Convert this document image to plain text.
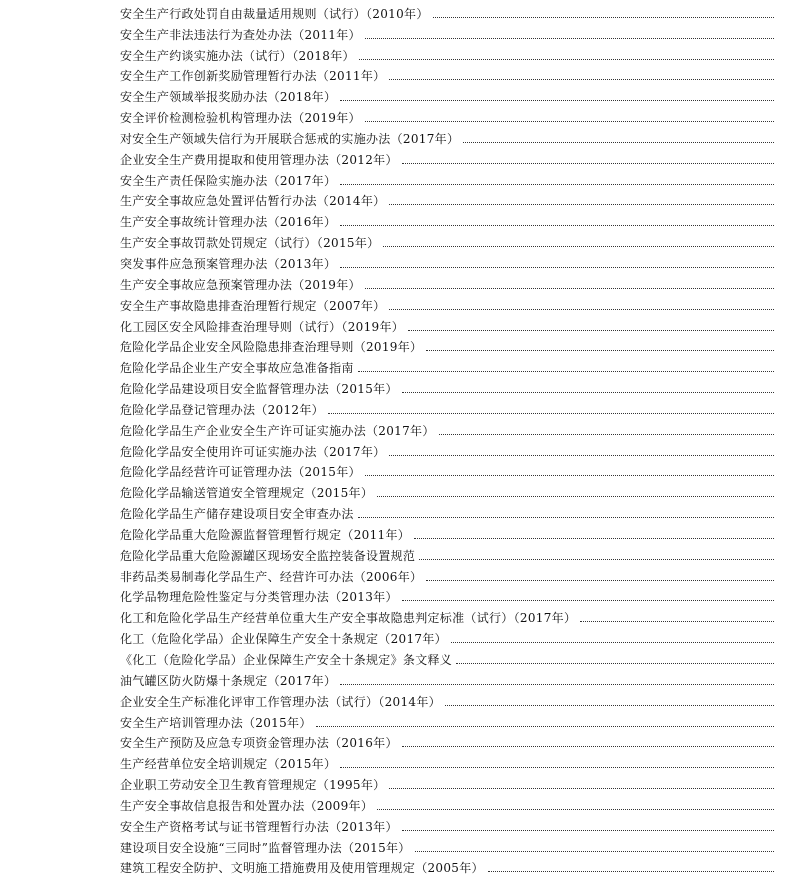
安全生产行政处罚自由裁量适用规则（试行）（2010年）
安全生产非法违法行为查处办法（2011年）
安全生产约谈实施办法（试行）（2018年）
安全生产工作创新奖励管理暂行办法（2011年）
安全生产领域举报奖励办法（2018年）
安全评价检测检验机构管理办法（2019年）
对安全生产领域失信行为开展联合惩戒的实施办法（2017年）
企业安全生产费用提取和使用管理办法（2012年）
安全生产责任保险实施办法（2017年）
生产安全事故应急处置评估暂行办法（2014年）
生产安全事故统计管理办法（2016年）
生产安全事故罚款处罚规定（试行）（2015年）
突发事件应急预案管理办法（2013年）
生产安全事故应急预案管理办法（2019年）
安全生产事故隐患排查治理暂行规定（2007年）
化工园区安全风险排查治理导则（试行）（2019年）
危险化学品企业安全风险隐患排查治理导则（2019年）
危险化学品企业生产安全事故应急准备指南
危险化学品建设项目安全监督管理办法（2015年）
危险化学品登记管理办法（2012年）
危险化学品生产企业安全生产许可证实施办法（2017年）
危险化学品安全使用许可证实施办法（2017年）
危险化学品经营许可证管理办法（2015年）
危险化学品输送管道安全管理规定（2015年）
危险化学品生产储存建设项目安全审查办法
危险化学品重大危险源监督管理暂行规定（2011年）
危险化学品重大危险源罐区现场安全监控装备设置规范
非药品类易制毒化学品生产、经营许可办法（2006年）
化学品物理危险性鉴定与分类管理办法（2013年）
化工和危险化学品生产经营单位重大生产安全事故隐患判定标准（试行）（2017年）
化工（危险化学品）企业保障生产安全十条规定（2017年）
《化工（危险化学品）企业保障生产安全十条规定》条文释义
油气罐区防火防爆十条规定（2017年）
企业安全生产标准化评审工作管理办法（试行）（2014年）
安全生产培训管理办法（2015年）
安全生产预防及应急专项资金管理办法（2016年）
生产经营单位安全培训规定（2015年）
企业职工劳动安全卫生教育管理规定（1995年）
生产安全事故信息报告和处置办法（2009年）
安全生产资格考试与证书管理暂行办法（2013年）
建设项目安全设施“三同时”监督管理办法（2015年）
建筑工程安全防护、文明施工措施费用及使用管理规定（2005年）
